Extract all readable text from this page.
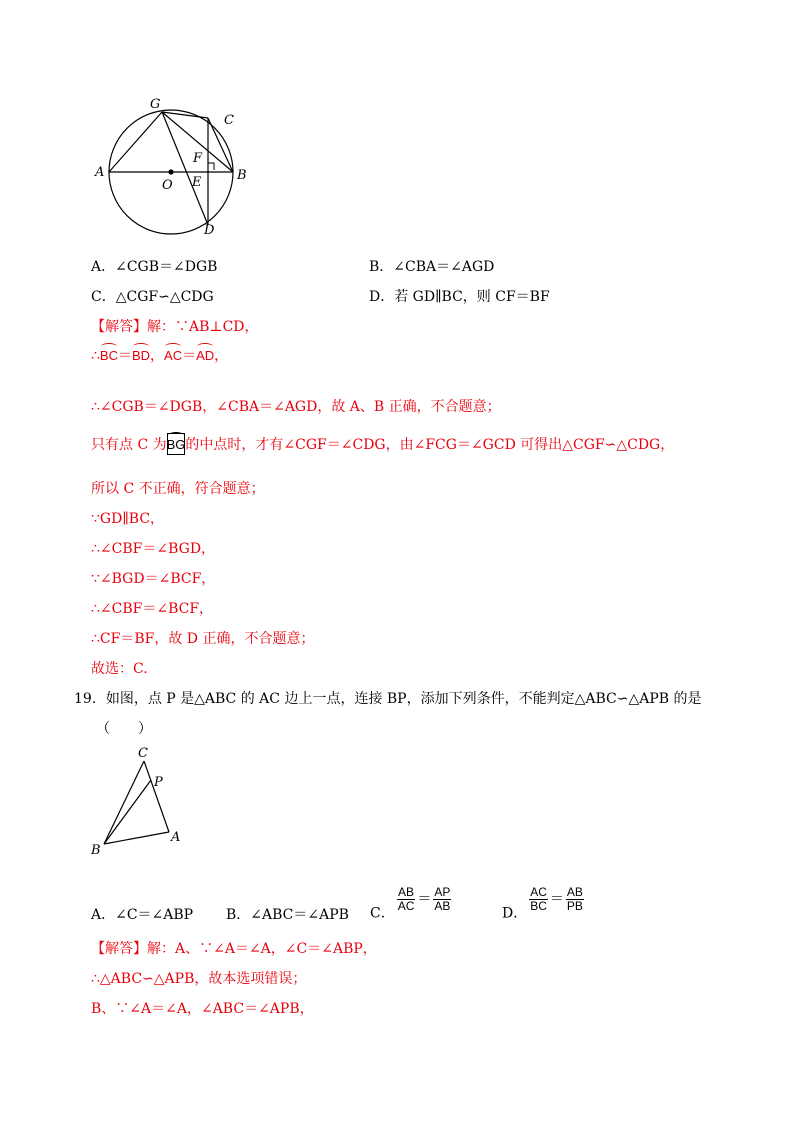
A	B
C
D
E
F
G
O
A．∠CGB＝∠DGB	B．∠CBA＝∠AGD
C．△CGF∽△CDG	D．若 GD∥BC，则 CF＝BF
【解答】解：∵AB⊥CD，
∴BC＝BD，AC＝AD，
∴∠CGB＝∠DGB，∠CBA＝∠AGD，故 A、B 正确，不合题意；
只有点 C 为BG的中点时，才有∠CGF＝∠CDG，由∠FCG＝∠GCD 可得出△CGF∽△CDG，
所以 C 不正确，符合题意；
∵GD∥BC，
∴∠CBF＝∠BGD，
∵∠BGD＝∠BCF，
∴∠CBF＝∠BCF，
∴CF＝BF，故 D 正确，不合题意；
故选：C.
19．如图，点 P 是△ABC 的 AC 边上一点，连接 BP，添加下列条件，不能判定△ABC∽△APB 的是
（　　）
C
P
A
B
A．∠C＝∠ABP B．∠ABC＝∠APB C．
$\frac{AB}{AC} = \frac{AP}{AB}$
D．
$\frac{AC}{BC} = \frac{AB}{PB}$
【解答】解：A、∵∠A＝∠A，∠C＝∠ABP，
∴△ABC∽△APB，故本选项错误；
B、∵∠A＝∠A，∠ABC＝∠APB，
